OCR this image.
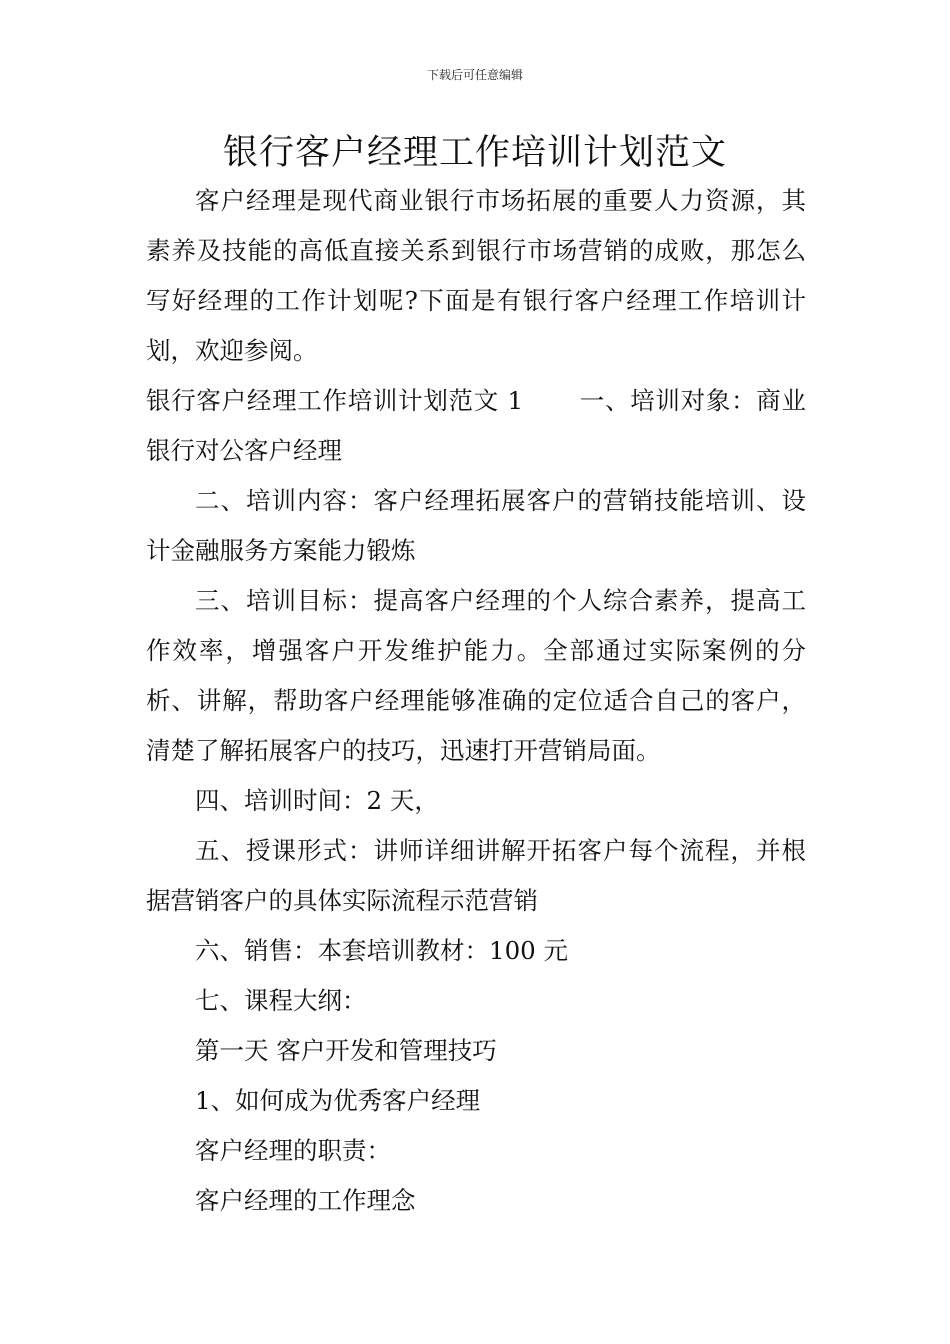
下载后可任意编辑
银行客户经理工作培训计划范文

客户经理是现代商业银行市场拓展的重要人力资源，其素养及技能的高低直接关系到银行市场营销的成败，那怎么写好经理的工作计划呢?下面是有银行客户经理工作培训计划，欢迎参阅。

银行客户经理工作培训计划范文 1 一、培训对象：商业银行对公客户经理

二、培训内容：客户经理拓展客户的营销技能培训、设计金融服务方案能力锻炼

三、培训目标：提高客户经理的个人综合素养，提高工作效率，增强客户开发维护能力。全部通过实际案例的分析、讲解，帮助客户经理能够准确的定位适合自己的客户，清楚了解拓展客户的技巧，迅速打开营销局面。

四、培训时间：2 天，

五、授课形式：讲师详细讲解开拓客户每个流程，并根据营销客户的具体实际流程示范营销

六、销售：本套培训教材：100 元

七、课程大纲：

第一天 客户开发和管理技巧

1、如何成为优秀客户经理

客户经理的职责：

客户经理的工作理念
